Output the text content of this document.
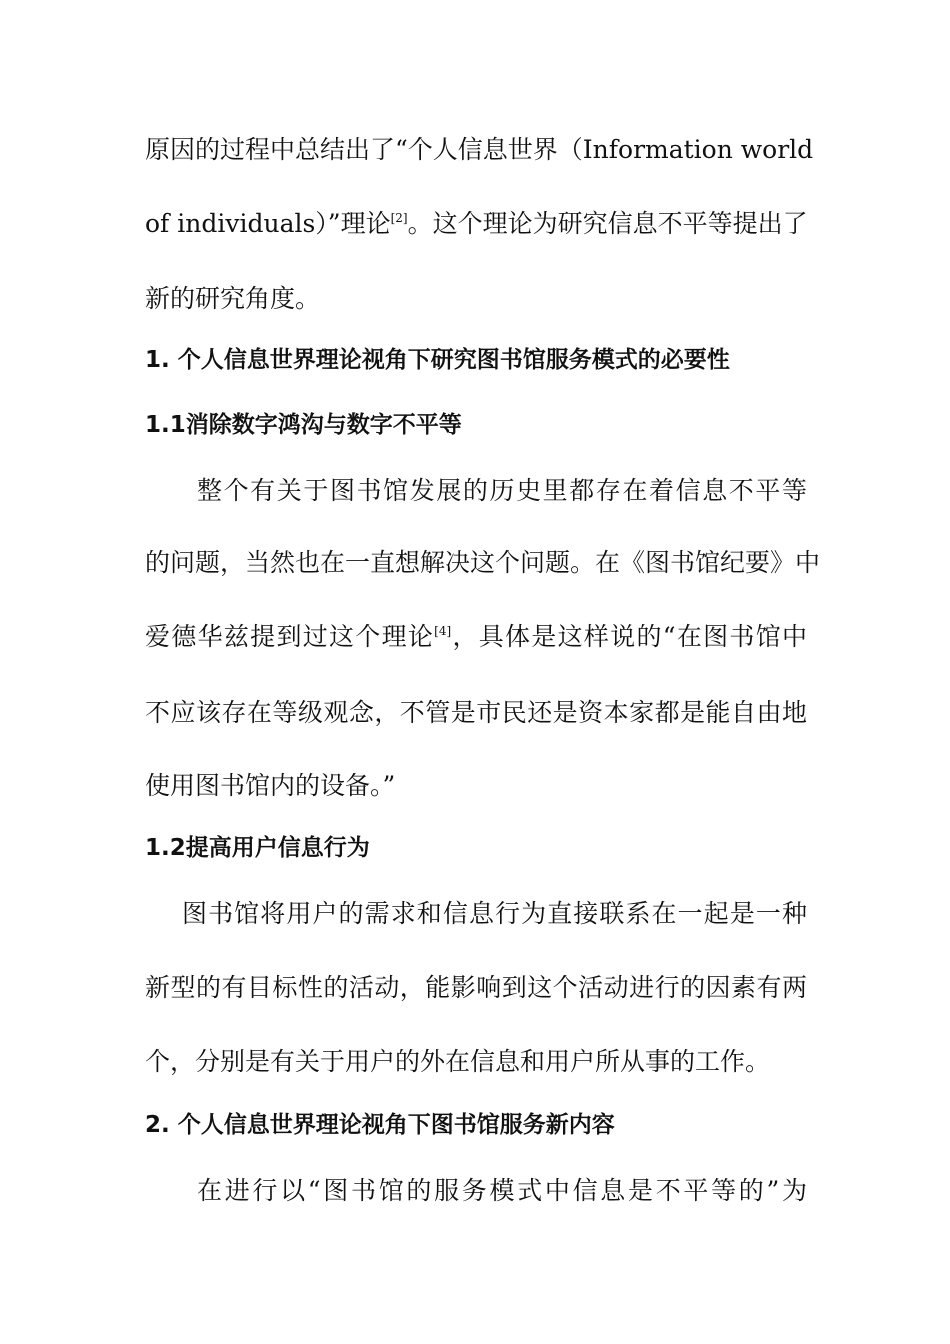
原因的过程中总结出了“个人信息世界（Information world

of individuals）”理论[2]。这个理论为研究信息不平等提出了

新的研究角度。

1. 个人信息世界理论视角下研究图书馆服务模式的必要性

1.1消除数字鸿沟与数字不平等

整个有关于图书馆发展的历史里都存在着信息不平等

的问题，当然也在一直想解决这个问题。在《图书馆纪要》中

爱德华兹提到过这个理论[4]，具体是这样说的“在图书馆中

不应该存在等级观念，不管是市民还是资本家都是能自由地

使用图书馆内的设备。”

1.2提高用户信息行为

图书馆将用户的需求和信息行为直接联系在一起是一种

新型的有目标性的活动，能影响到这个活动进行的因素有两

个，分别是有关于用户的外在信息和用户所从事的工作。

2. 个人信息世界理论视角下图书馆服务新内容

在进行以“图书馆的服务模式中信息是不平等的”为
